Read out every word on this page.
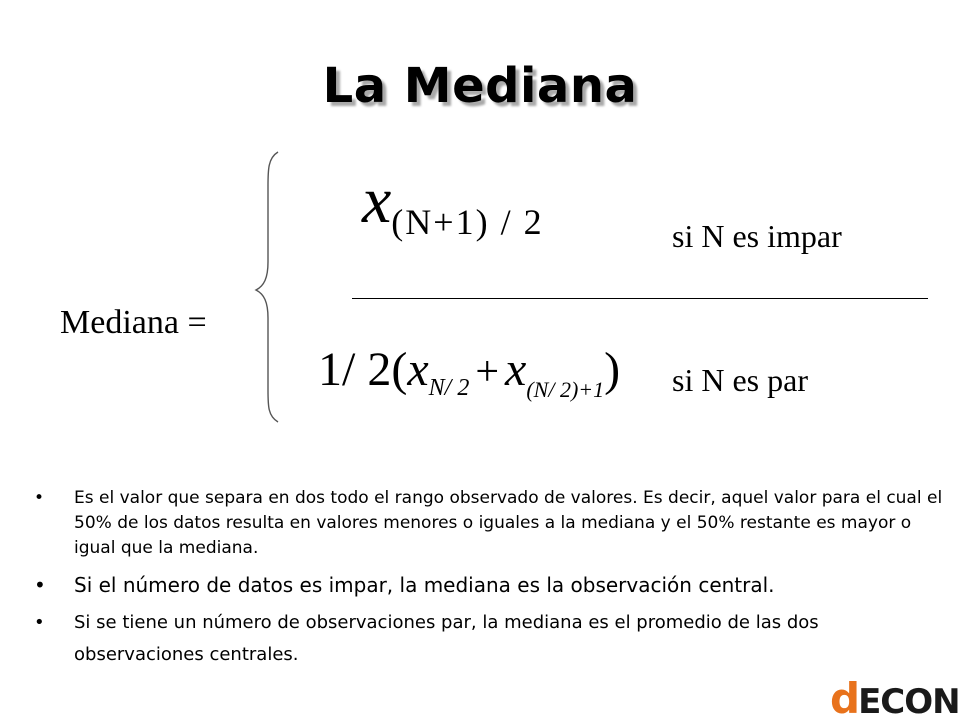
La Mediana
Mediana =
x(N+1) / 2	si N es impar
1/ 2(xN/ 2 + x(N/ 2)+1) si N es par
• Es el valor que separa en dos todo el rango observado de valores. Es decir, aquel valor para el cual el 50% de los datos resulta en valores menores o iguales a la mediana y el 50% restante es mayor o igual que la mediana.
• Si el número de datos es impar, la mediana es la observación central.
• Si se tiene un número de observaciones par, la mediana es el promedio de las dos observaciones centrales.
dECON
